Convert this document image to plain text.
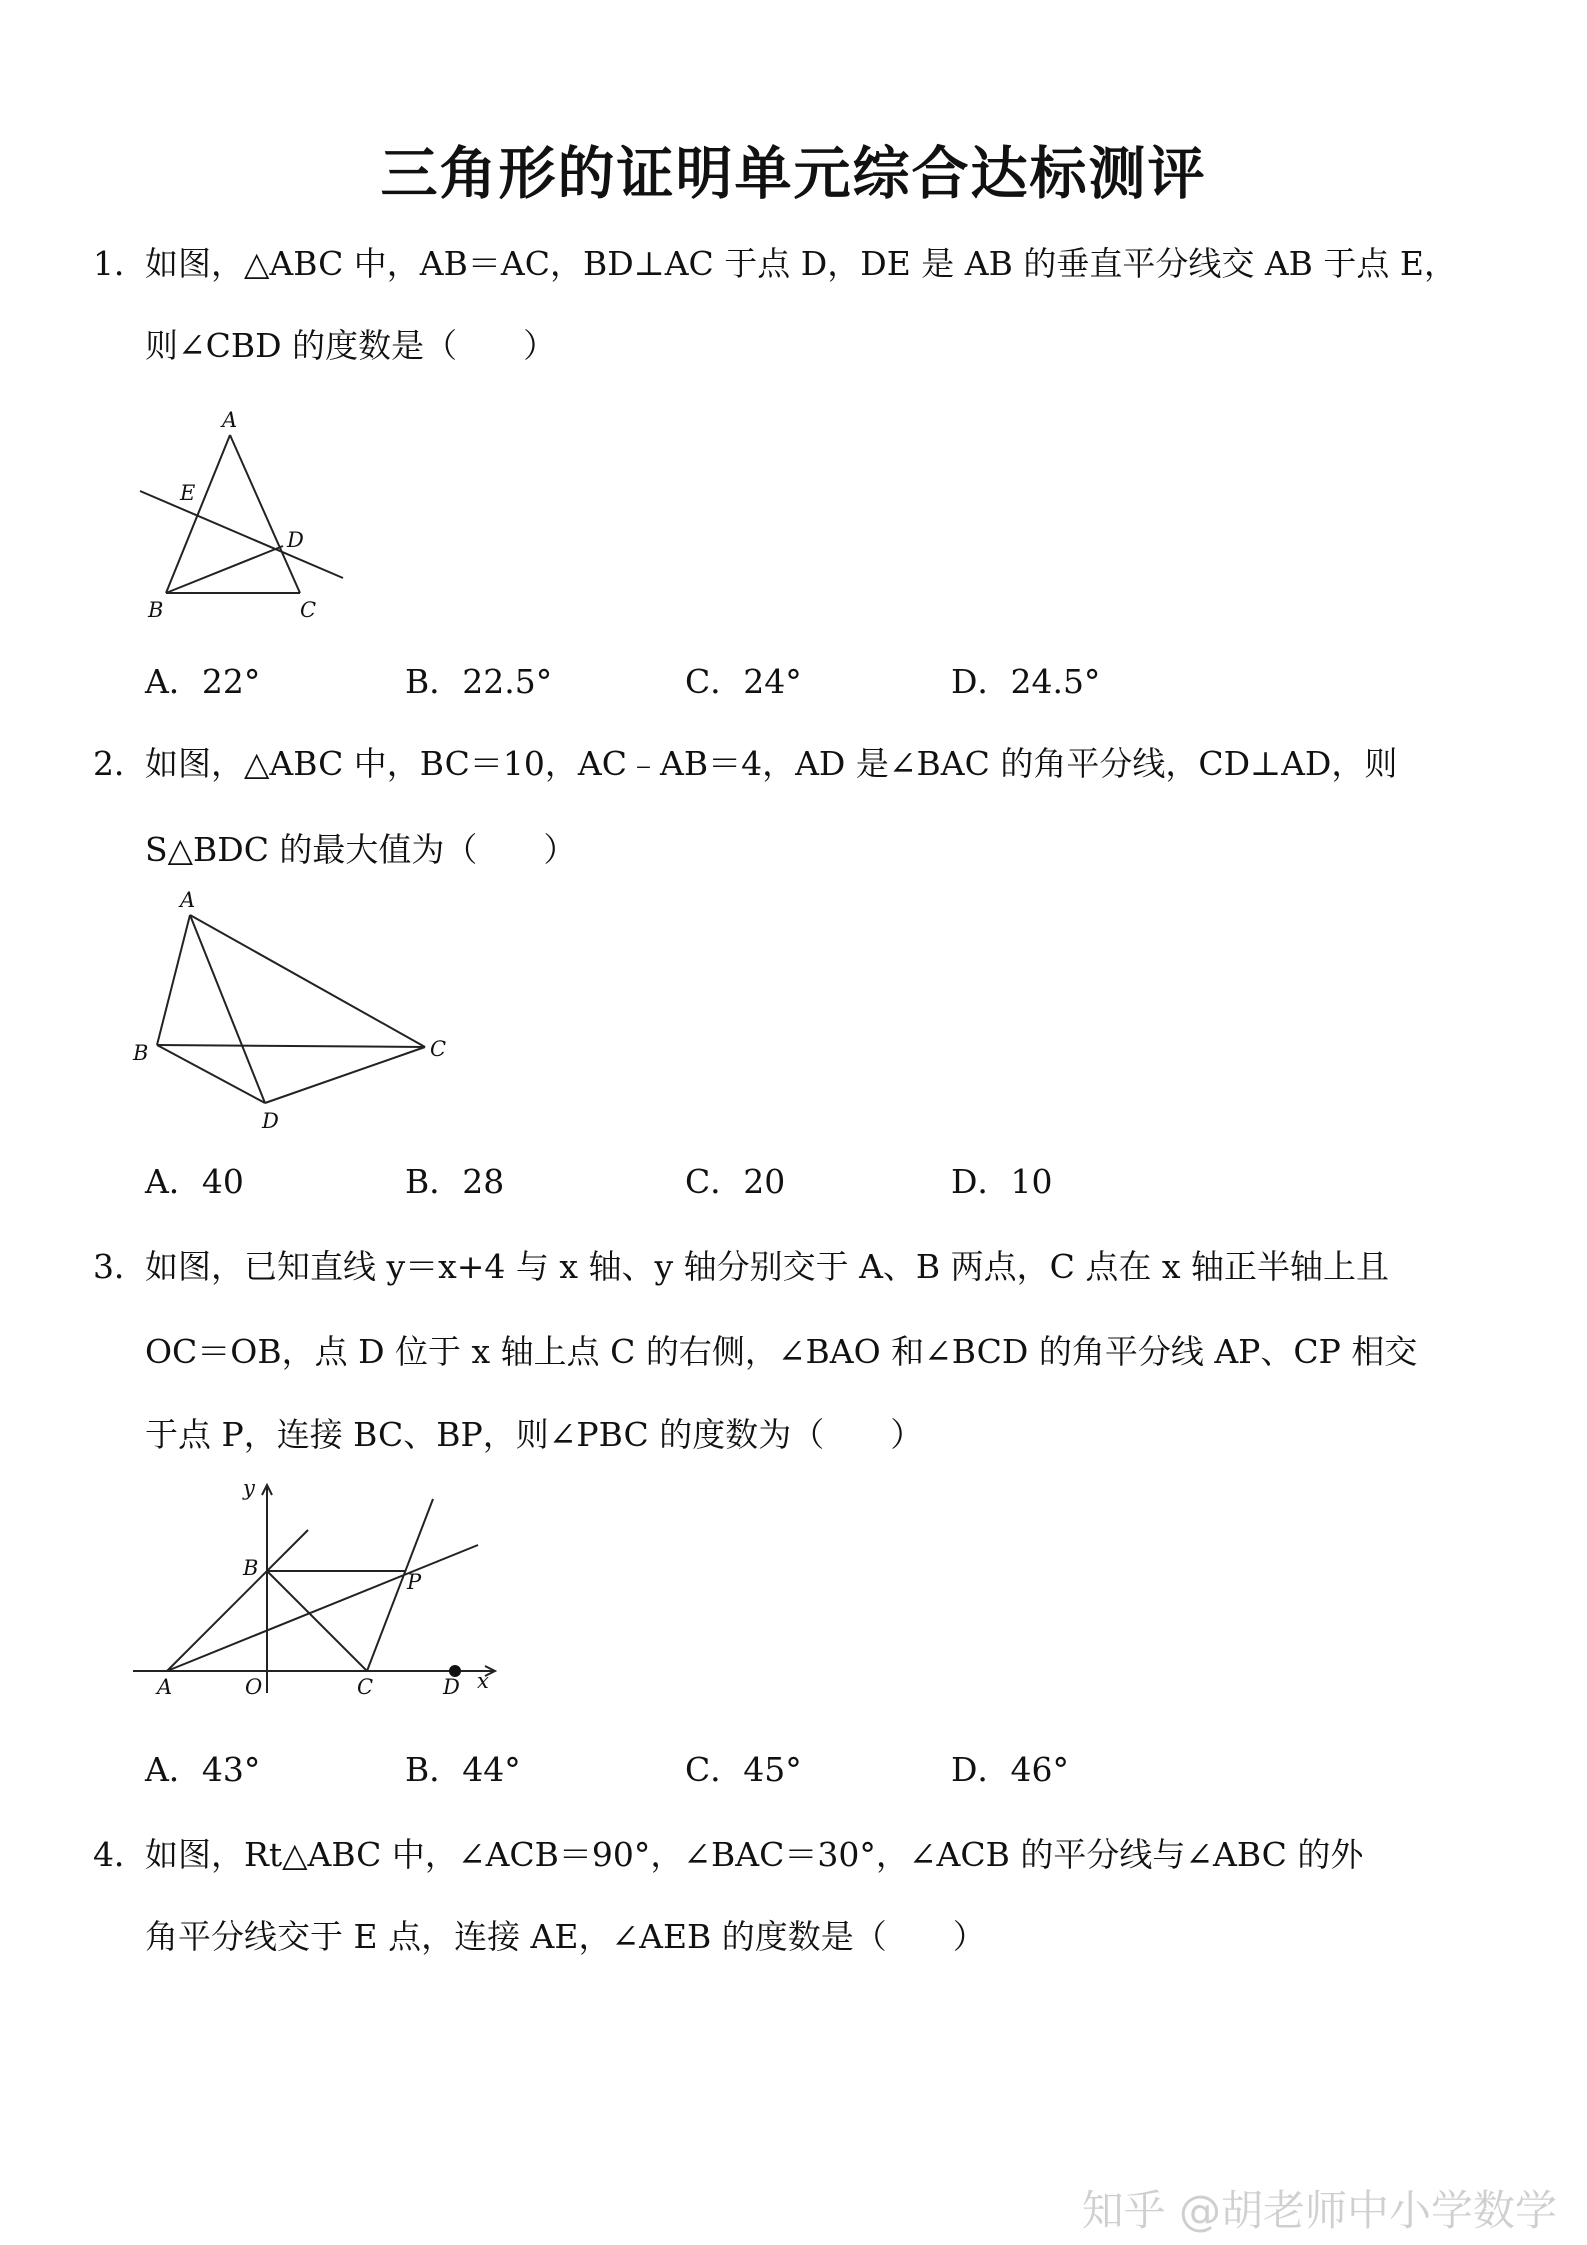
三角形的证明单元综合达标测评
1．
如图，△ABC 中，AB＝AC，BD⊥AC 于点 D，DE 是 AB 的垂直平分线交 AB 于点 E，
则∠CBD 的度数是（　　）
A
E
D
B	C
A．22°	B．22.5°	C．24°	D．24.5°
2．
如图，△ABC 中，BC＝10，AC﹣AB＝4，AD 是∠BAC 的角平分线，CD⊥AD，则
S△BDC 的最大值为（　　）
A
B	C
D
A．40	B．28	C．20	D．10
3．
如图，已知直线 y＝x+4 与 x 轴、y 轴分别交于 A、B 两点，C 点在 x 轴正半轴上且
OC＝OB，点 D 位于 x 轴上点 C 的右侧，∠BAO 和∠BCD 的角平分线 AP、CP 相交
于点 P，连接 BC、BP，则∠PBC 的度数为（　　）
y
B
P
A	O	C	D x
A．43°	B．44°	C．45°	D．46°
4．
如图，Rt△ABC 中，∠ACB＝90°，∠BAC＝30°，∠ACB 的平分线与∠ABC 的外
角平分线交于 E 点，连接 AE，∠AEB 的度数是（　　）
知乎 @胡老师中小学数学
